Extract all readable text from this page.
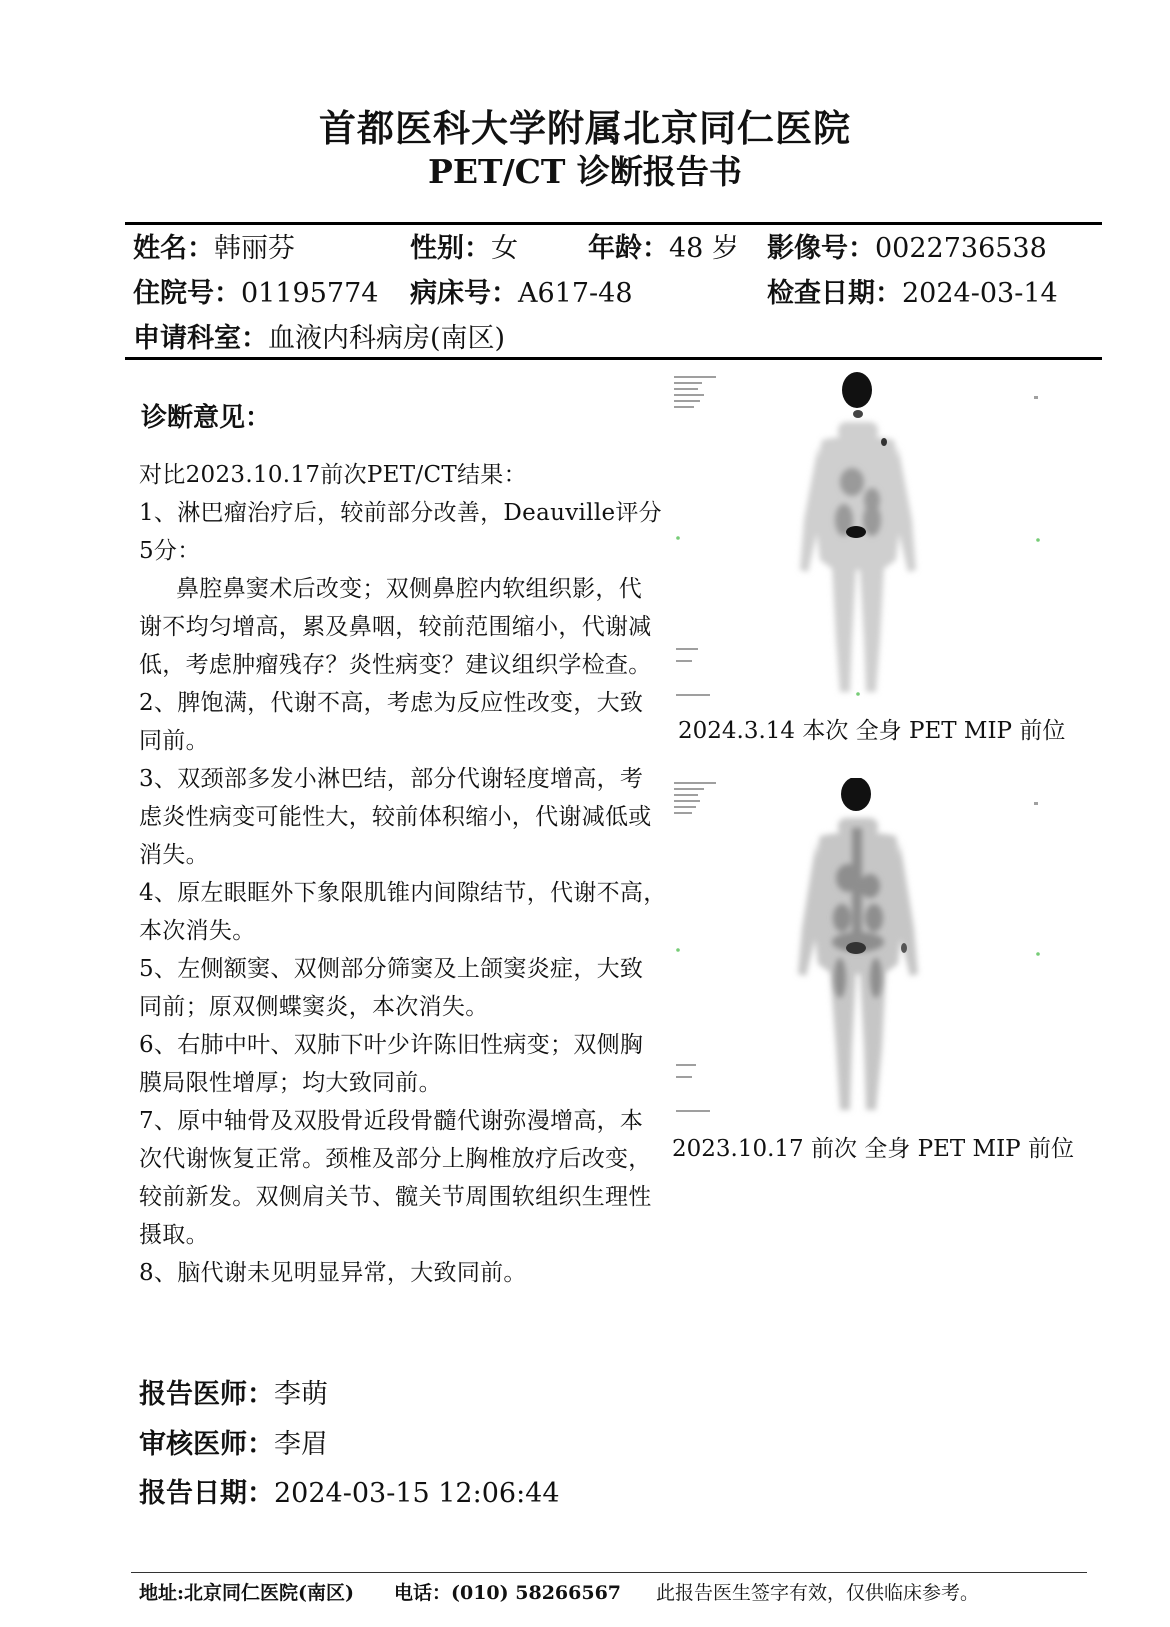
首都医科大学附属北京同仁医院
PET/CT 诊断报告书
姓名：韩丽芬	性别：女	年龄：48 岁 影像号：0022736538
住院号：01195774 病床号：A617-48	检查日期：2024-03-14
申请科室：血液内科病房(南区)
诊断意见：
对比2023.10.17前次PET/CT结果：
1、淋巴瘤治疗后，较前部分改善，Deauville评分
5分：
鼻腔鼻窦术后改变；双侧鼻腔内软组织影，代
谢不均匀增高，累及鼻咽，较前范围缩小，代谢减
低，考虑肿瘤残存？炎性病变？建议组织学检查。
2、脾饱满，代谢不高，考虑为反应性改变，大致
同前。
3、双颈部多发小淋巴结，部分代谢轻度增高，考
虑炎性病变可能性大，较前体积缩小，代谢减低或
消失。
4、原左眼眶外下象限肌锥内间隙结节，代谢不高，
本次消失。
5、左侧额窦、双侧部分筛窦及上颌窦炎症，大致
同前；原双侧蝶窦炎，本次消失。
6、右肺中叶、双肺下叶少许陈旧性病变；双侧胸
膜局限性增厚；均大致同前。
7、原中轴骨及双股骨近段骨髓代谢弥漫增高，本
次代谢恢复正常。颈椎及部分上胸椎放疗后改变，
较前新发。双侧肩关节、髋关节周围软组织生理性
摄取。
8、脑代谢未见明显异常，大致同前。
2024.3.14 本次 全身 PET MIP 前位
2023.10.17 前次 全身 PET MIP 前位
报告医师：李萌
审核医师：李眉
报告日期：2024-03-15 12:06:44
地址:北京同仁医院(南区) 电话：(010) 58266567 此报告医生签字有效，仅供临床参考。
